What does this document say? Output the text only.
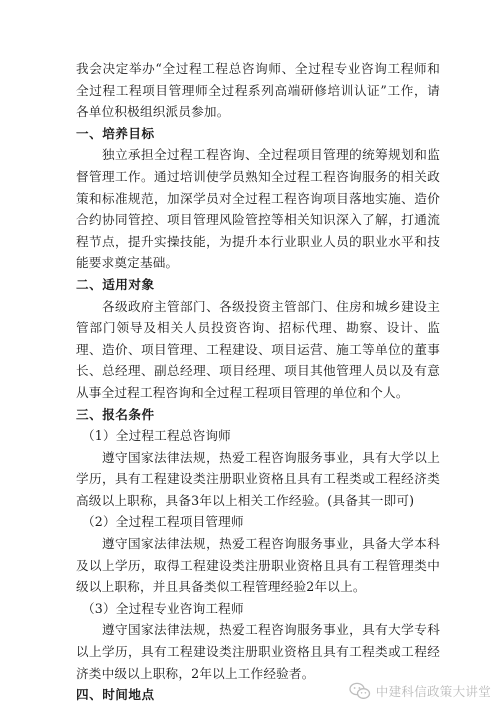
我会决定举办“全过程工程总咨询师、全过程专业咨询工程师和全过程工程项目管理师全过程系列高端研修培训认证”工作，请各单位积极组织派员参加。

一、培养目标

独立承担全过程工程咨询、全过程项目管理的统筹规划和监督管理工作。通过培训使学员熟知全过程工程咨询服务的相关政策和标准规范，加深学员对全过程工程咨询项目落地实施、造价合约协同管控、项目管理风险管控等相关知识深入了解，打通流程节点，提升实操技能，为提升本行业职业人员的职业水平和技能要求奠定基础。

二、适用对象

各级政府主管部门、各级投资主管部门、住房和城乡建设主管部门领导及相关人员投资咨询、招标代理、勘察、设计、监理、造价、项目管理、工程建设、项目运营、施工等单位的董事长、总经理、副总经理、项目经理、项目其他管理人员以及有意从事全过程工程咨询和全过程工程项目管理的单位和个人。

三、报名条件

（1）全过程工程总咨询师

遵守国家法律法规，热爱工程咨询服务事业，具有大学以上学历，具有工程建设类注册职业资格且具有工程类或工程经济类高级以上职称，具备3年以上相关工作经验。(具备其一即可)

（2）全过程工程项目管理师

遵守国家法律法规，热爱工程咨询服务事业，具备大学本科及以上学历，取得工程建设类注册职业资格且具有工程管理类中级以上职称，并且具备类似工程管理经验2年以上。

（3）全过程专业咨询工程师

遵守国家法律法规，热爱工程咨询服务事业，具有大学专科以上学历，具有工程建设类注册职业资格且具有工程类或工程经济类中级以上职称，2年以上工作经验者。

四、时间地点	中建科信政策大讲堂
